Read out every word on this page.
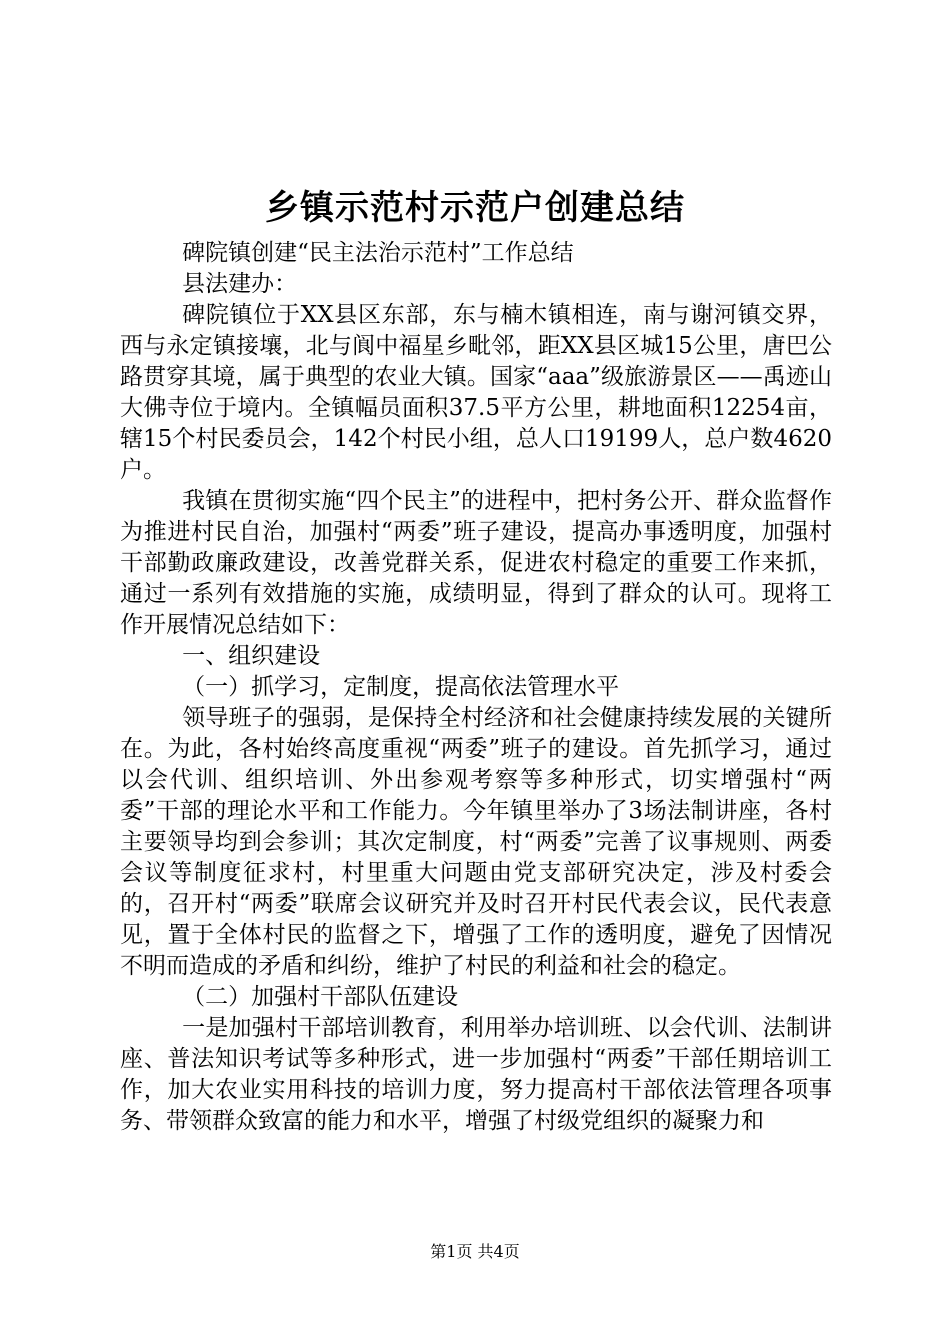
乡镇示范村示范户创建总结

碑院镇创建“民主法治示范村”工作总结

县法建办：

碑院镇位于XX县区东部，东与楠木镇相连，南与谢河镇交界，西与永定镇接壤，北与阆中福星乡毗邻，距XX县区城15公里，唐巴公路贯穿其境，属于典型的农业大镇。国家“aaa”级旅游景区——禹迹山大佛寺位于境内。全镇幅员面积37.5平方公里，耕地面积12254亩，辖15个村民委员会，142个村民小组，总人口19199人，总户数4620户。

我镇在贯彻实施“四个民主”的进程中，把村务公开、群众监督作为推进村民自治，加强村“两委”班子建设，提高办事透明度，加强村干部勤政廉政建设，改善党群关系，促进农村稳定的重要工作来抓，通过一系列有效措施的实施，成绩明显，得到了群众的认可。现将工作开展情况总结如下：

一、组织建设

（一）抓学习，定制度，提高依法管理水平

领导班子的强弱，是保持全村经济和社会健康持续发展的关键所在。为此，各村始终高度重视“两委”班子的建设。首先抓学习，通过以会代训、组织培训、外出参观考察等多种形式，切实增强村“两委”干部的理论水平和工作能力。今年镇里举办了3场法制讲座，各村主要领导均到会参训；其次定制度，村“两委”完善了议事规则、两委会议等制度征求村，村里重大问题由党支部研究决定，涉及村委会的，召开村“两委”联席会议研究并及时召开村民代表会议，民代表意见，置于全体村民的监督之下，增强了工作的透明度，避免了因情况不明而造成的矛盾和纠纷，维护了村民的利益和社会的稳定。

（二）加强村干部队伍建设

一是加强村干部培训教育，利用举办培训班、以会代训、法制讲座、普法知识考试等多种形式，进一步加强村“两委”干部任期培训工作，加大农业实用科技的培训力度，努力提高村干部依法管理各项事务、带领群众致富的能力和水平，增强了村级党组织的凝聚力和

第1页 共4页
